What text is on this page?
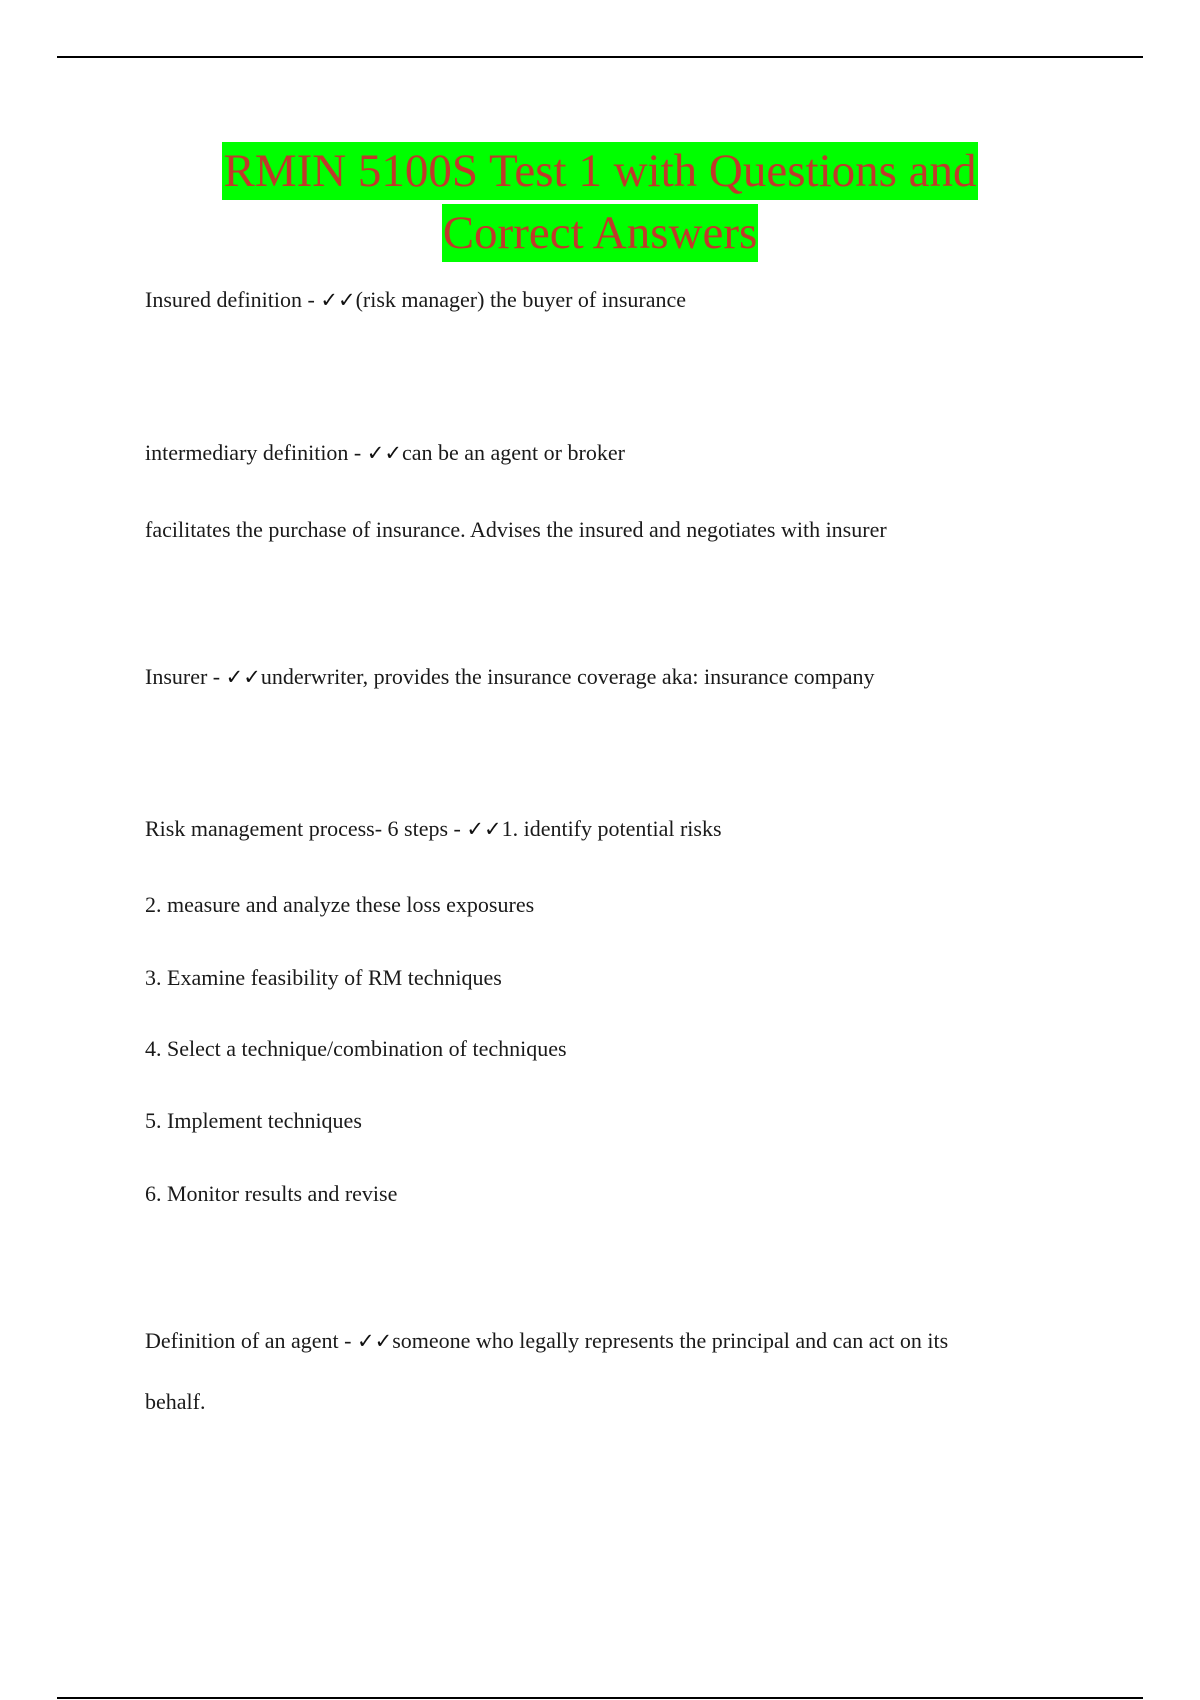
RMIN 5100S Test 1 with Questions and
Correct Answers
Insured definition - ✓✓(risk manager) the buyer of insurance
intermediary definition - ✓✓can be an agent or broker
facilitates the purchase of insurance. Advises the insured and negotiates with insurer
Insurer - ✓✓underwriter, provides the insurance coverage aka: insurance company
Risk management process- 6 steps - ✓✓1. identify potential risks
2. measure and analyze these loss exposures
3. Examine feasibility of RM techniques
4. Select a technique/combination of techniques
5. Implement techniques
6. Monitor results and revise
Definition of an agent - ✓✓someone who legally represents the principal and can act on its
behalf.
